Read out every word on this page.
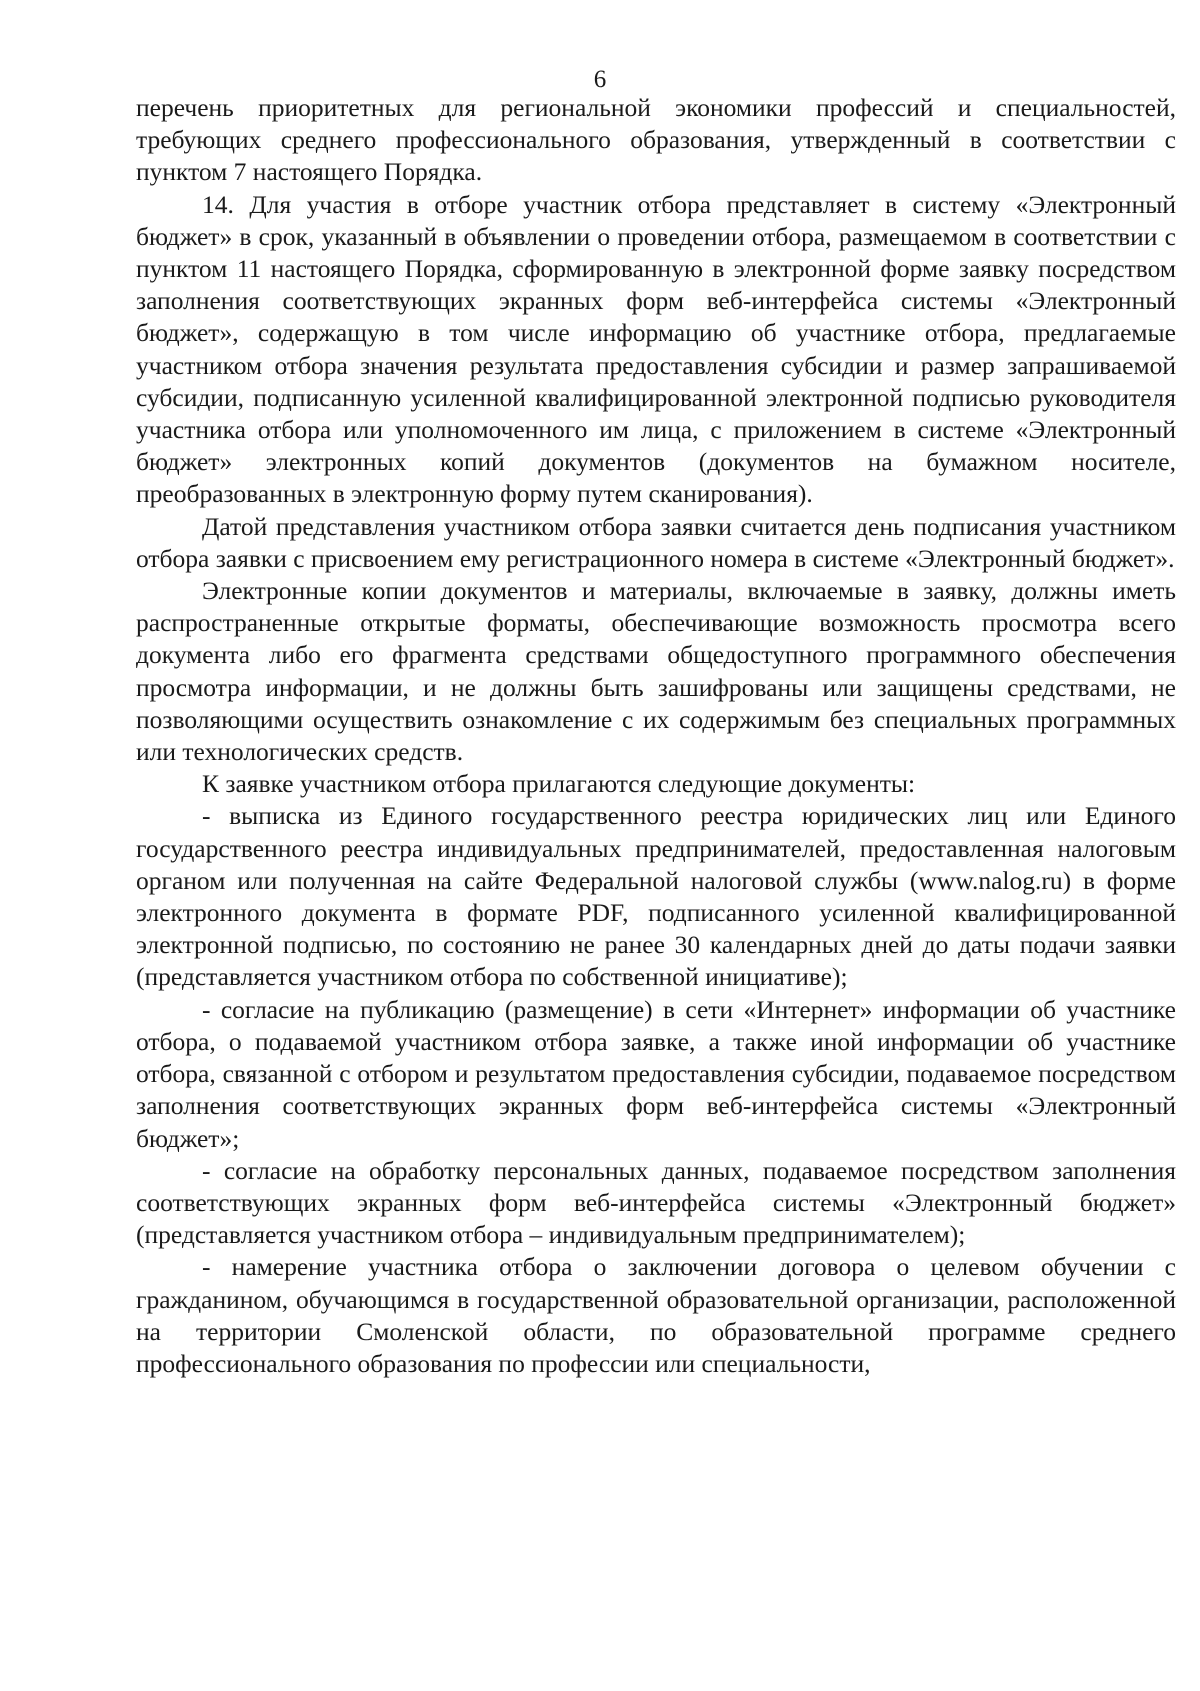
6

перечень приоритетных для региональной экономики профессий и специальностей, требующих среднего профессионального образования, утвержденный в соответствии с пунктом 7 настоящего Порядка.

14. Для участия в отборе участник отбора представляет в систему «Электронный бюджет» в срок, указанный в объявлении о проведении отбора, размещаемом в соответствии с пунктом 11 настоящего Порядка, сформированную в электронной форме заявку посредством заполнения соответствующих экранных форм веб-интерфейса системы «Электронный бюджет», содержащую в том числе информацию об участнике отбора, предлагаемые участником отбора значения результата предоставления субсидии и размер запрашиваемой субсидии, подписанную усиленной квалифицированной электронной подписью руководителя участника отбора или уполномоченного им лица, с приложением в системе «Электронный бюджет» электронных копий документов (документов на бумажном носителе, преобразованных в электронную форму путем сканирования).

Датой представления участником отбора заявки считается день подписания участником отбора заявки с присвоением ему регистрационного номера в системе «Электронный бюджет».

Электронные копии документов и материалы, включаемые в заявку, должны иметь распространенные открытые форматы, обеспечивающие возможность просмотра всего документа либо его фрагмента средствами общедоступного программного обеспечения просмотра информации, и не должны быть зашифрованы или защищены средствами, не позволяющими осуществить ознакомление с их содержимым без специальных программных или технологических средств.

К заявке участником отбора прилагаются следующие документы:

- выписка из Единого государственного реестра юридических лиц или Единого государственного реестра индивидуальных предпринимателей, предоставленная налоговым органом или полученная на сайте Федеральной налоговой службы (www.nalog.ru) в форме электронного документа в формате PDF, подписанного усиленной квалифицированной электронной подписью, по состоянию не ранее 30 календарных дней до даты подачи заявки (представляется участником отбора по собственной инициативе);

- согласие на публикацию (размещение) в сети «Интернет» информации об участнике отбора, о подаваемой участником отбора заявке, а также иной информации об участнике отбора, связанной с отбором и результатом предоставления субсидии, подаваемое посредством заполнения соответствующих экранных форм веб-интерфейса системы «Электронный бюджет»;

- согласие на обработку персональных данных, подаваемое посредством заполнения соответствующих экранных форм веб-интерфейса системы «Электронный бюджет» (представляется участником отбора – индивидуальным предпринимателем);

- намерение участника отбора о заключении договора о целевом обучении с гражданином, обучающимся в государственной образовательной организации, расположенной на территории Смоленской области, по образовательной программе среднего профессионального образования по профессии или специальности,
